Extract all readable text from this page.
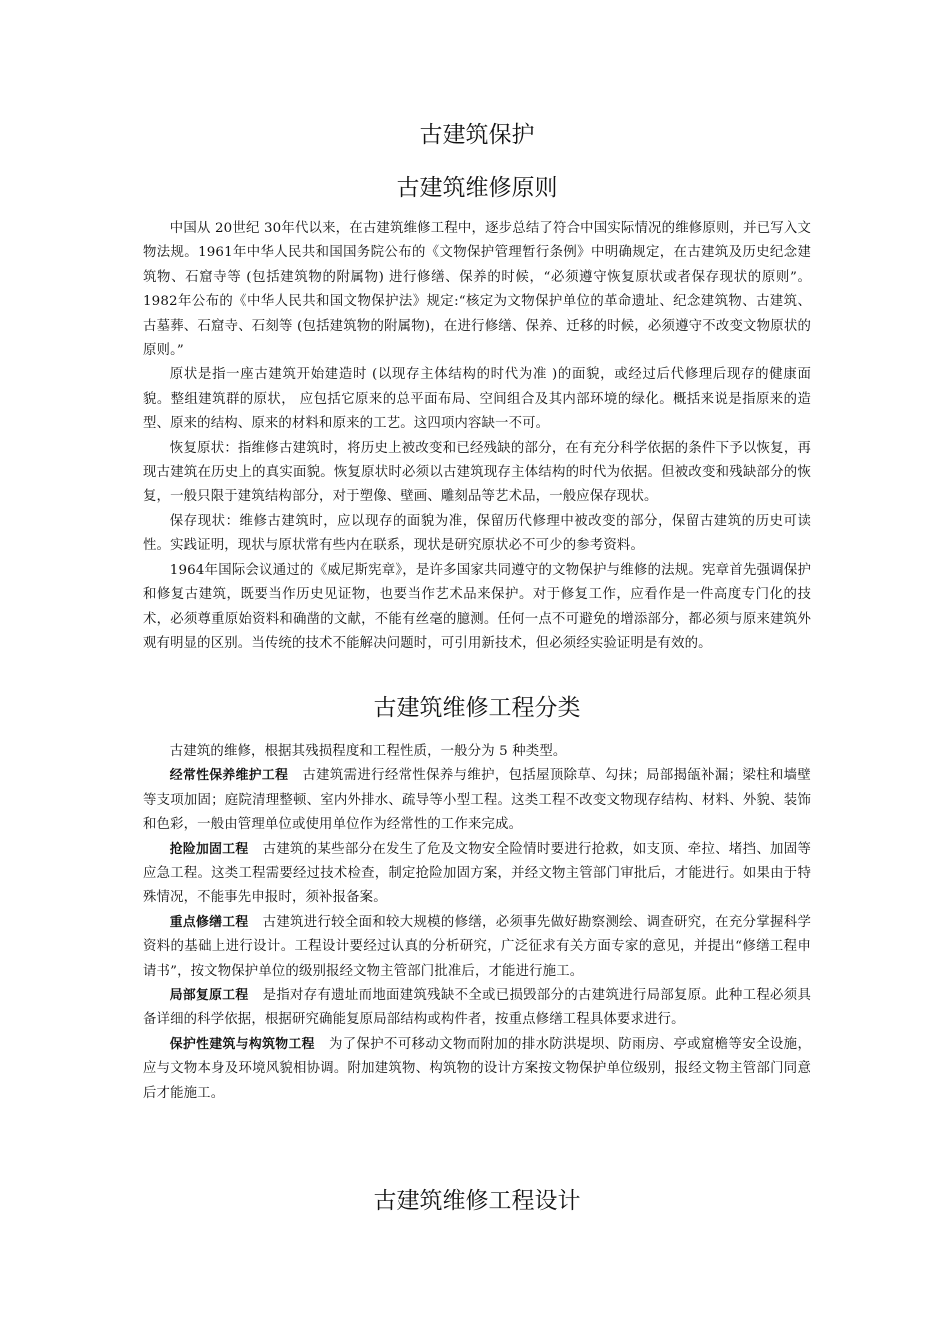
古建筑保护
古建筑维修原则

中国从 20世纪 30年代以来，在古建筑维修工程中，逐步总结了符合中国实际情况的维修原则，并已写入文物法规。1961年中华人民共和国国务院公布的《文物保护管理暂行条例》中明确规定，在古建筑及历史纪念建筑物、石窟寺等 (包括建筑物的附属物) 进行修缮、保养的时候，“必须遵守恢复原状或者保存现状的原则”。1982年公布的《中华人民共和国文物保护法》规定:“核定为文物保护单位的革命遗址、纪念建筑物、古建筑、古墓葬、石窟寺、石刻等 (包括建筑物的附属物)，在进行修缮、保养、迁移的时候，必须遵守不改变文物原状的原则。”

原状是指一座古建筑开始建造时 (以现存主体结构的时代为准 )的面貌，或经过后代修理后现存的健康面貌。整组建筑群的原状， 应包括它原来的总平面布局、空间组合及其内部环境的绿化。概括来说是指原来的造型、原来的结构、原来的材料和原来的工艺。这四项内容缺一不可。

恢复原状：指维修古建筑时，将历史上被改变和已经残缺的部分，在有充分科学依据的条件下予以恢复，再现古建筑在历史上的真实面貌。恢复原状时必须以古建筑现存主体结构的时代为依据。但被改变和残缺部分的恢复，一般只限于建筑结构部分，对于塑像、壁画、雕刻品等艺术品，一般应保存现状。

保存现状：维修古建筑时，应以现存的面貌为准，保留历代修理中被改变的部分，保留古建筑的历史可读性。实践证明，现状与原状常有些内在联系，现状是研究原状必不可少的参考资料。

1964年国际会议通过的《威尼斯宪章》，是许多国家共同遵守的文物保护与维修的法规。宪章首先强调保护和修复古建筑，既要当作历史见证物，也要当作艺术品来保护。对于修复工作，应看作是一件高度专门化的技术，必须尊重原始资料和确凿的文献，不能有丝毫的臆测。任何一点不可避免的增添部分，都必须与原来建筑外观有明显的区别。当传统的技术不能解决问题时，可引用新技术，但必须经实验证明是有效的。

古建筑维修工程分类

古建筑的维修，根据其残损程度和工程性质，一般分为 5 种类型。

经常性保养维护工程 古建筑需进行经常性保养与维护，包括屋顶除草、勾抹；局部揭瓵补漏；梁柱和墙壁等支项加固；庭院清理整顿、室内外排水、疏导等小型工程。这类工程不改变文物现存结构、材料、外貌、装饰和色彩，一般由管理单位或使用单位作为经常性的工作来完成。

抢险加固工程 古建筑的某些部分在发生了危及文物安全险情时要进行抢救，如支顶、牵拉、堵挡、加固等应急工程。这类工程需要经过技术检查，制定抢险加固方案，并经文物主管部门审批后，才能进行。如果由于特殊情况，不能事先申报时，须补报备案。

重点修缮工程 古建筑进行较全面和较大规模的修缮，必须事先做好勘察测绘、调查研究，在充分掌握科学资料的基础上进行设计。工程设计要经过认真的分析研究，广泛征求有关方面专家的意见，并提出“修缮工程申请书”，按文物保护单位的级别报经文物主管部门批准后，才能进行施工。

局部复原工程 是指对存有遗址而地面建筑残缺不全或已损毁部分的古建筑进行局部复原。此种工程必须具备详细的科学依据，根据研究确能复原局部结构或构件者，按重点修缮工程具体要求进行。

保护性建筑与构筑物工程 为了保护不可移动文物而附加的排水防洪堤坝、防雨房、亭或窟檐等安全设施，应与文物本身及环境风貌相协调。附加建筑物、构筑物的设计方案按文物保护单位级别，报经文物主管部门同意后才能施工。

古建筑维修工程设计
